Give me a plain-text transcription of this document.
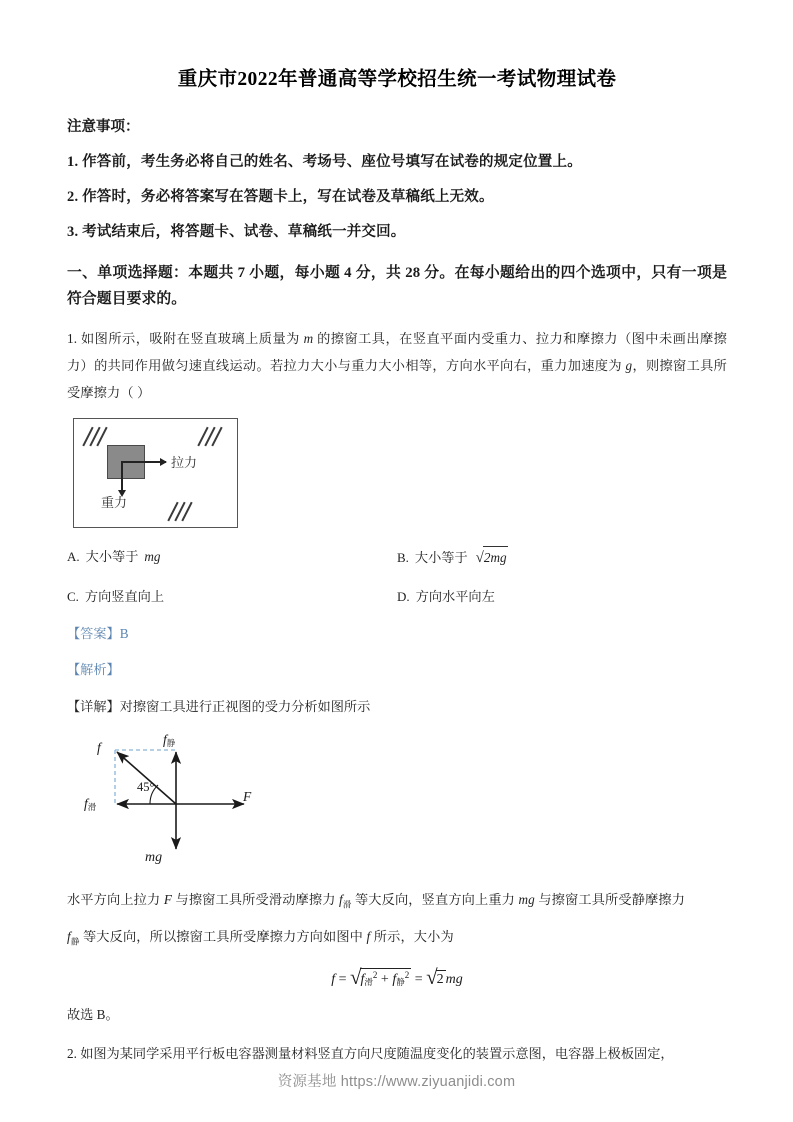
重庆市2022年普通高等学校招生统一考试物理试卷
注意事项：
1. 作答前，考生务必将自己的姓名、考场号、座位号填写在试卷的规定位置上。
2. 作答时，务必将答案写在答题卡上，写在试卷及草稿纸上无效。
3. 考试结束后，将答题卡、试卷、草稿纸一并交回。
一、单项选择题：本题共 7 小题，每小题 4 分，共 28 分。在每小题给出的四个选项中，只有一项是符合题目要求的。
1. 如图所示，吸附在竖直玻璃上质量为 m 的擦窗工具，在竖直平面内受重力、拉力和摩擦力（图中未画出摩擦力）的共同作用做匀速直线运动。若拉力大小与重力大小相等，方向水平向右，重力加速度为 g，则擦窗工具所受摩擦力（ ）
拉力
重力
A. 大小等于 mg	B. 大小等于 √2mg
C. 方向竖直向上	D. 方向水平向左
【答案】B
【解析】
【详解】对擦窗工具进行正视图的受力分析如图所示
f
$f_静$
$f_滑$
F
mg
45°
水平方向上拉力 F 与擦窗工具所受滑动摩擦力 $f_滑$ 等大反向，竖直方向上重力 mg 与擦窗工具所受静摩擦力
$f_静$ 等大反向，所以擦窗工具所受摩擦力方向如图中 f 所示，大小为
$f = √f_滑^2 + f_静^2 = √2$ mg
故选 B。
2. 如图为某同学采用平行板电容器测量材料竖直方向尺度随温度变化的装置示意图，电容器上极板固定，
资源基地 https://www.ziyuanjidi.com
